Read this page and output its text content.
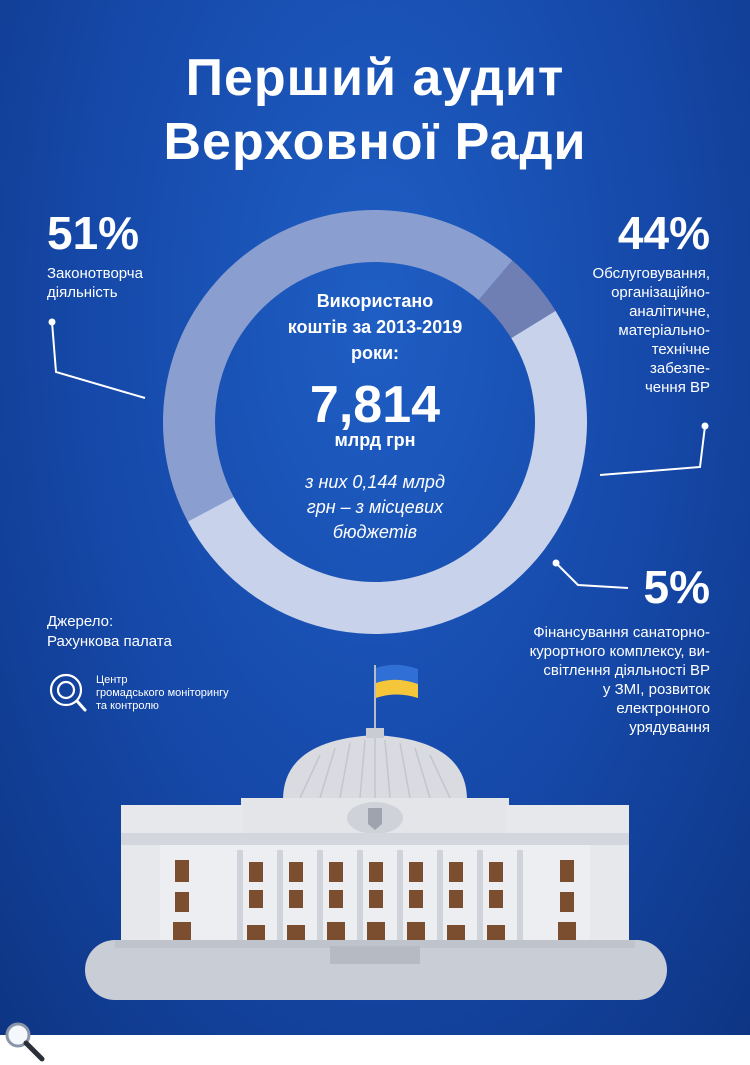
Перший аудит
Верховної Ради
Використано
коштів за 2013-2019
роки:
7,814
млрд грн
з них 0,144 млрд
грн – з місцевих
бюджетів
51%
Законотворча
діяльність
44%
Обслуговування,
організаційно-
аналітичне,
матеріально-
технічне
забезпе-
чення ВР
5%
Фінансування санаторно-
курортного комплексу, ви-
світлення діяльності ВР
у ЗМІ, розвиток
електронного
урядування
Джерело:
Рахункова палата
Центр
громадського моніторингу
та контролю
